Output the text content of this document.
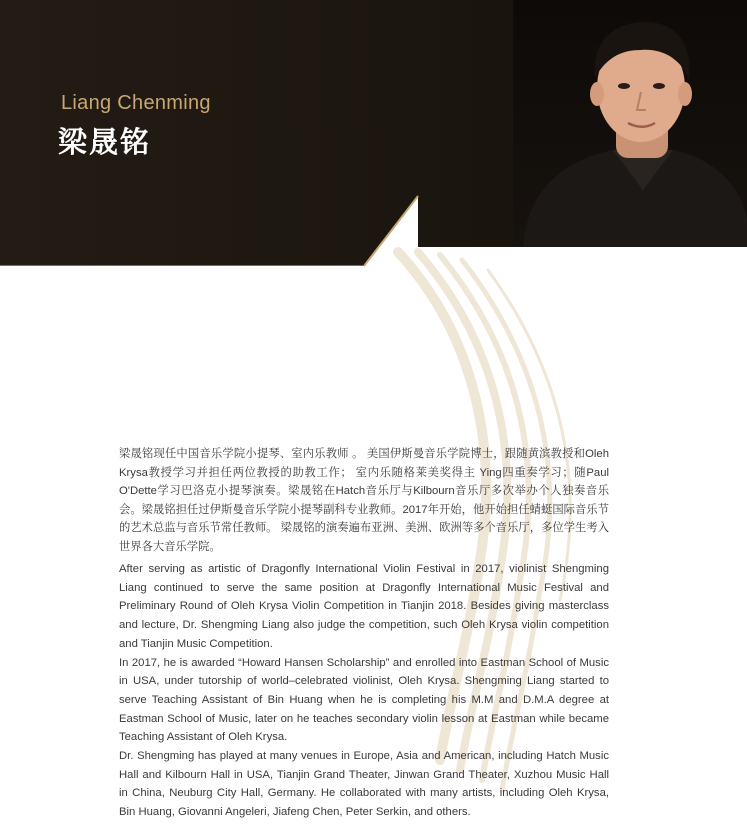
Liang Chenming
梁晟铭

梁晟铭现任中国音乐学院小提琴、室内乐教师 。 美国伊斯曼音乐学院博士，跟随黄滨教授和Oleh Krysa教授学习并担任两位教授的助教工作； 室内乐随格莱美奖得主 Ying四重奏学习；随Paul O'Dette学习巴洛克小提琴演奏。梁晟铭在Hatch音乐厅与Kilbourn音乐厅多次举办个人独奏音乐会。梁晟铭担任过伊斯曼音乐学院小提琴副科专业教师。2017年开始，他开始担任蜻蜓国际音乐节的艺术总监与音乐节常任教师。 梁晟铭的演奏遍布亚洲、美洲、欧洲等多个音乐厅，多位学生考入世界各大音乐学院。

After serving as artistic of Dragonfly International Violin Festival in 2017, violinist Shengming Liang continued to serve the same position at Dragonfly International Music Festival and Preliminary Round of Oleh Krysa Violin Competition in Tianjin 2018. Besides giving masterclass and lecture, Dr. Shengming Liang also judge the competition, such Oleh Krysa violin competition and Tianjin Music Competition.

In 2017, he is awarded “Howard Hansen Scholarship” and enrolled into Eastman School of Music in USA, under tutorship of world–celebrated violinist, Oleh Krysa. Shengming Liang started to serve Teaching Assistant of Bin Huang when he is completing his M.M and D.M.A degree at Eastman School of Music, later on he teaches secondary violin lesson at Eastman while became Teaching Assistant of Oleh Krysa.

Dr. Shengming has played at many venues in Europe, Asia and American, including Hatch Music Hall and Kilbourn Hall in USA, Tianjin Grand Theater, Jinwan Grand Theater, Xuzhou Music Hall in China, Neuburg City Hall, Germany. He collaborated with many artists, including Oleh Krysa, Bin Huang, Giovanni Angeleri, Jiafeng Chen, Peter Serkin, and others.
